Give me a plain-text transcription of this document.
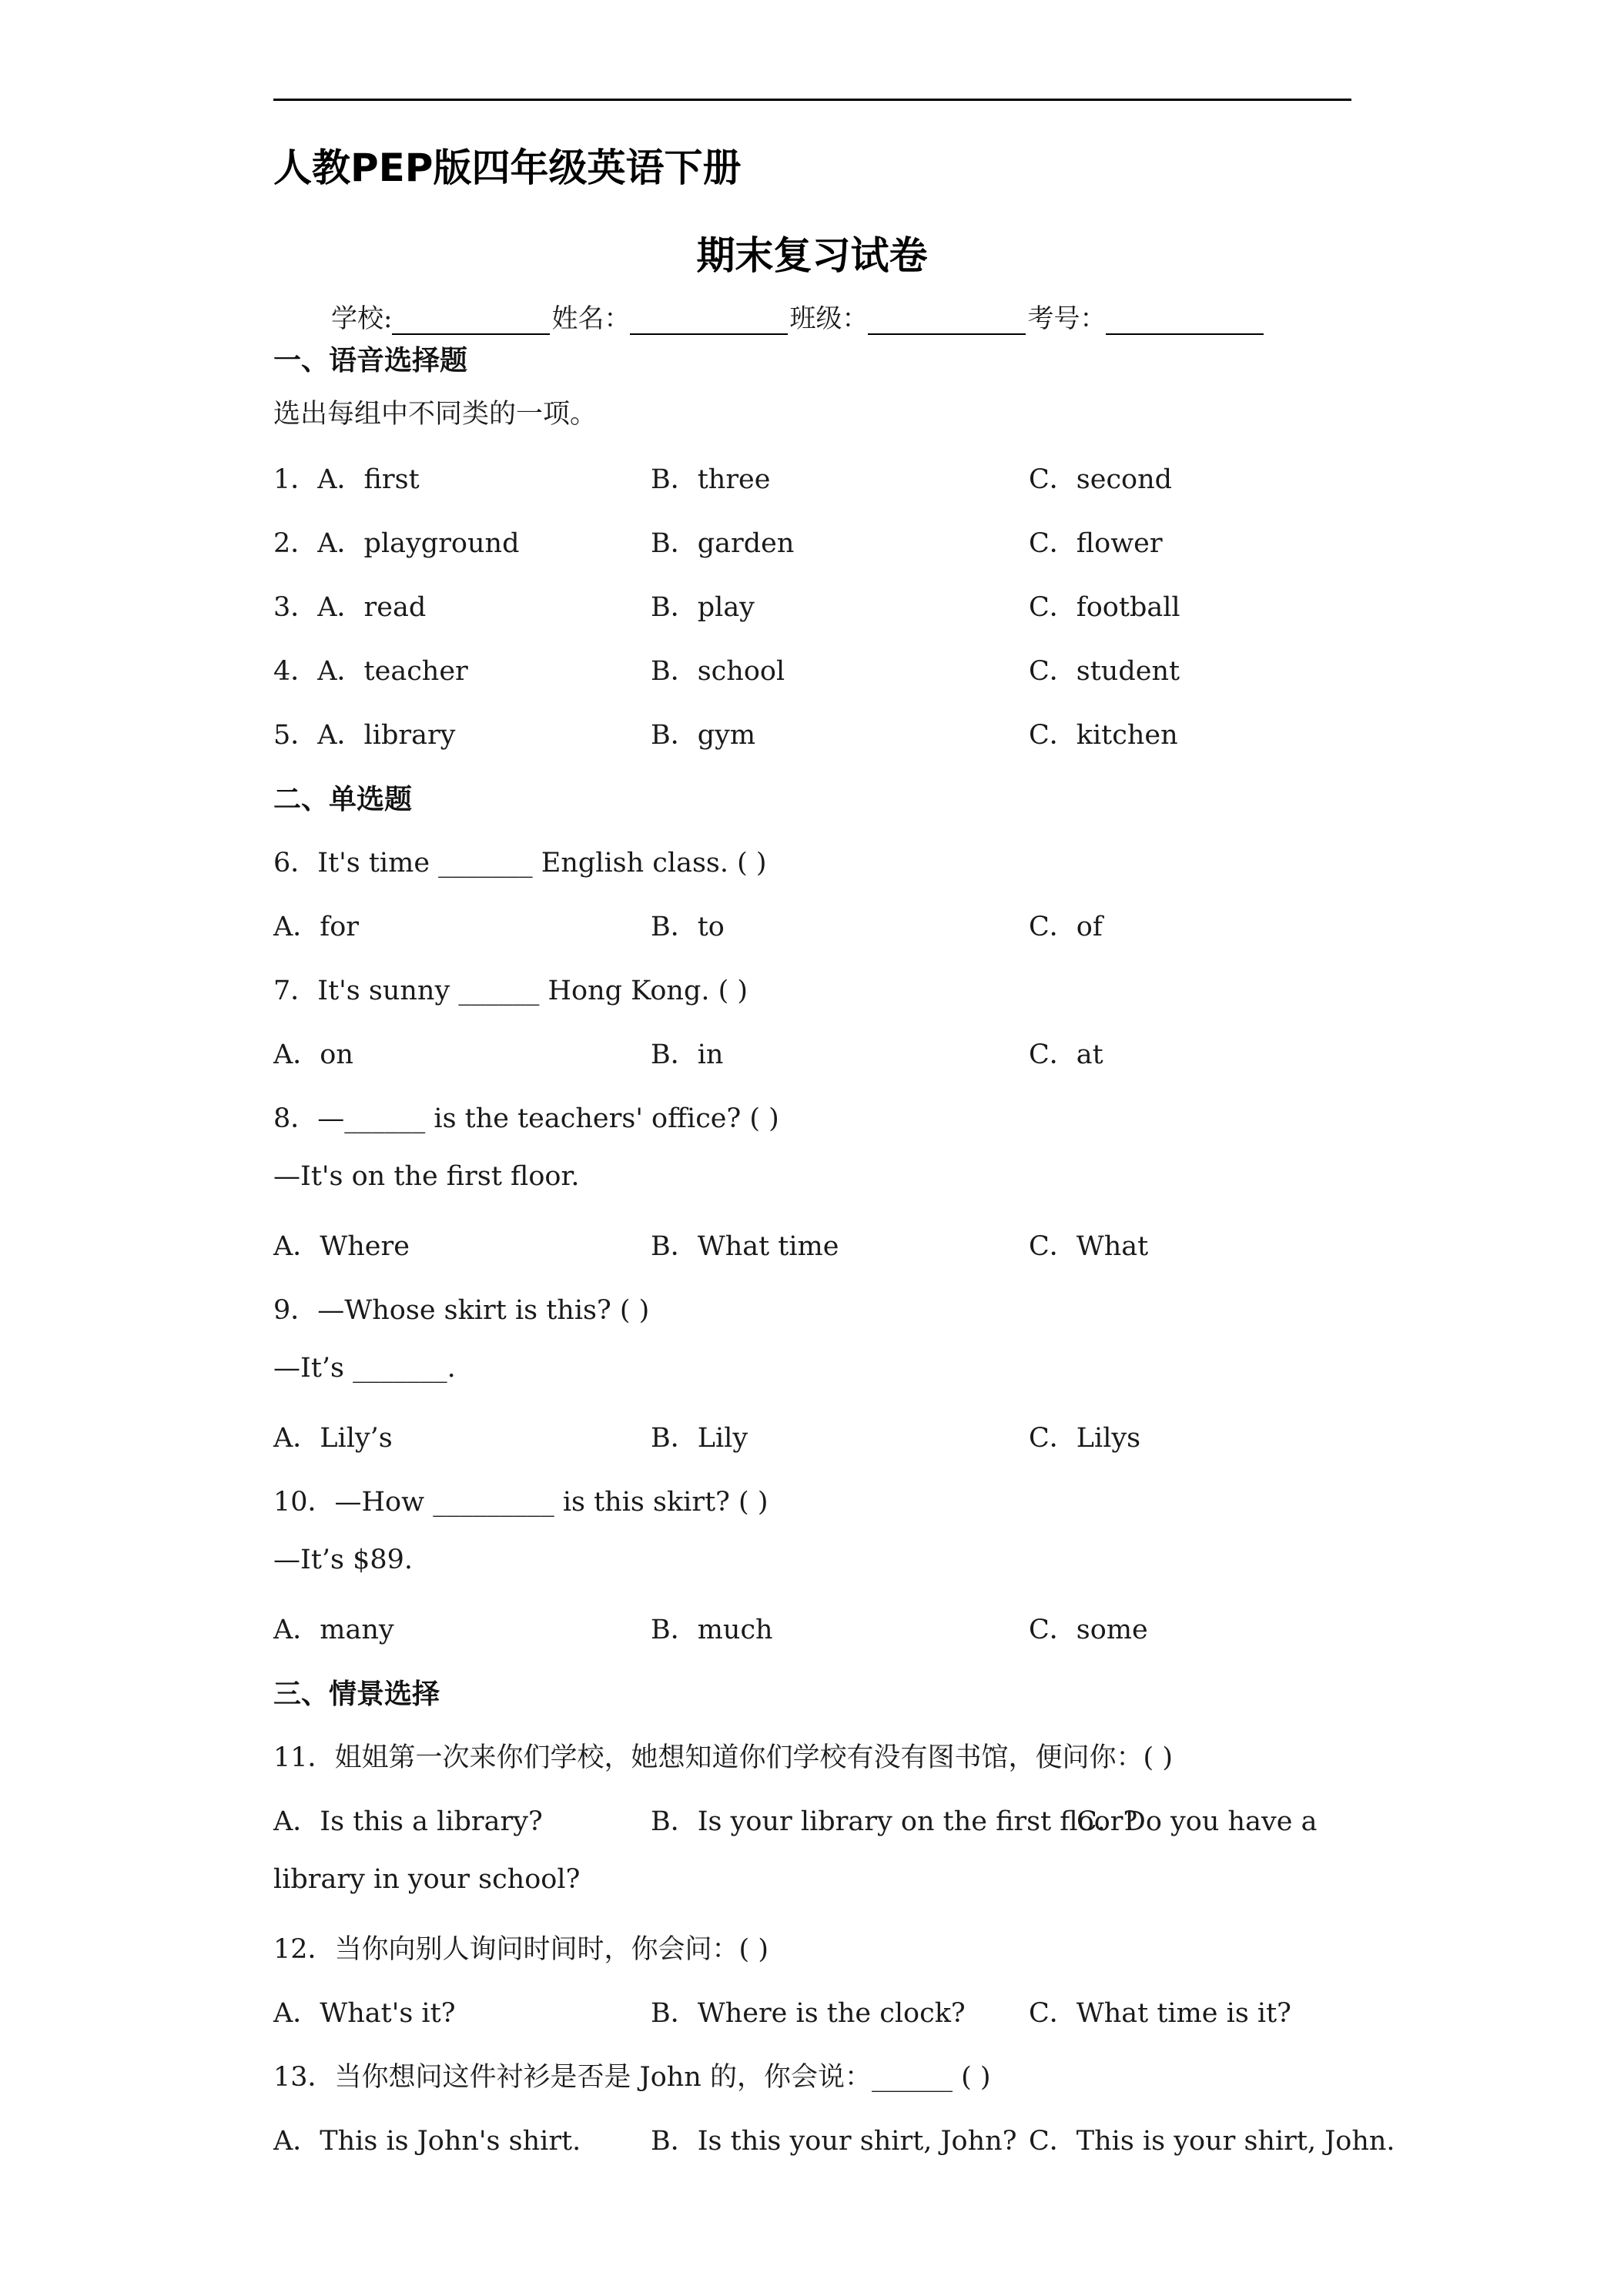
人教PEP版四年级英语下册
期末复习试卷
学校:	姓名：	班级：	考号：
一、语音选择题
选出每组中不同类的一项。
1．A．first	B．three	C．second
2．A．playground	B．garden	C．flower
3．A．read	B．play	C．football
4．A．teacher	B．school	C．student
5．A．library	B．gym	C．kitchen
二、单选题
6．It's time _______ English class. ( )
A．for	B．to	C．of
7．It's sunny ______ Hong Kong. ( )
A．on	B．in	C．at
8．—______ is the teachers' office? ( )
—It's on the first floor.
A．Where	B．What time	C．What
9．—Whose skirt is this? ( )
—It’s _______.
A．Lily’s	B．Lily	C．Lilys
10．—How _________ is this skirt? ( )
—It’s $89.
A．many	B．much	C．some
三、情景选择
11．姐姐第一次来你们学校，她想知道你们学校有没有图书馆，便问你：( )
A．Is this a library?	B．Is your library on the first floor?
C．Do you have a
library in your school?
12．当你向别人询问时间时，你会问：( )
A．What's it?	B．Where is the clock? C．What time is it?
13．当你想问这件衬衫是否是 John 的，你会说：______ ( )
A．This is John's shirt.	B．Is this your shirt, John? C．This is your shirt, John.
